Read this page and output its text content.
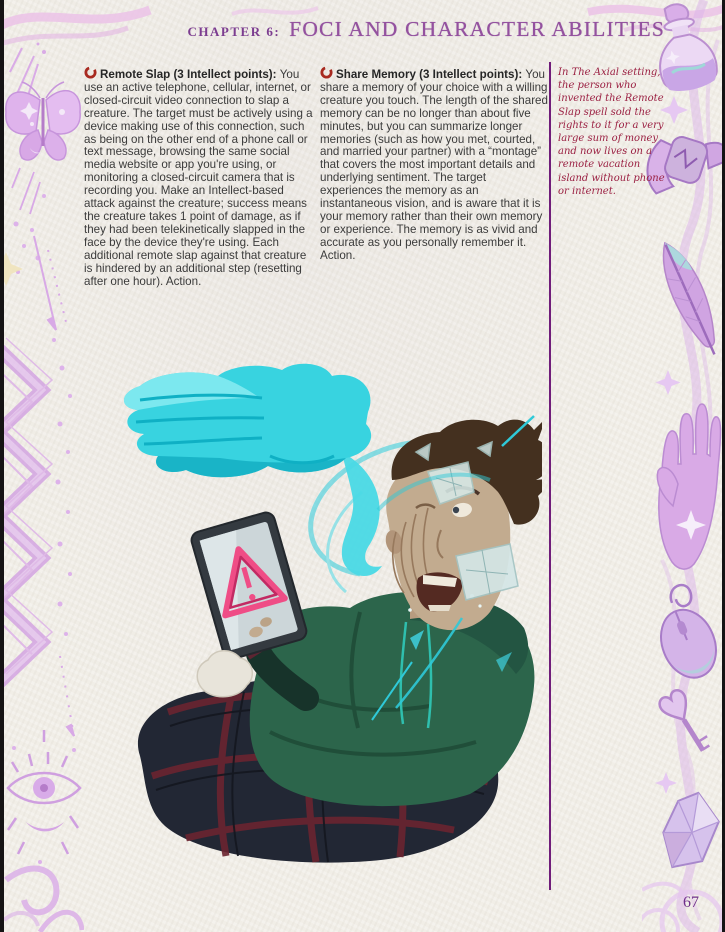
CHAPTER 6: FOCI AND CHARACTER ABILITIES

Remote Slap (3 Intellect points): You use an active telephone, cellular, internet, or closed-circuit video connection to slap a creature. The target must be actively using a device making use of this connection, such as being on the other end of a phone call or text message, browsing the same social media website or app you're using, or monitoring a closed-circuit camera that is recording you. Make an Intellect-based attack against the creature; success means the creature takes 1 point of damage, as if they had been telekinetically slapped in the face by the device they're using. Each additional remote slap against that creature is hindered by an additional step (resetting after one hour). Action.

Share Memory (3 Intellect points): You share a memory of your choice with a willing creature you touch. The length of the shared memory can be no longer than about five minutes, but you can summarize longer memories (such as how you met, courted, and married your partner) with a “montage” that covers the most important details and underlying sentiment. The target experiences the memory as an instantaneous vision, and is aware that it is your memory rather than their own memory or experience. The memory is as vivid and accurate as you personally remember it. Action.

In The Axial setting, the person who invented the Remote Slap spell sold the rights to it for a very large sum of money and now lives on a remote vacation island without phone or internet.
67
